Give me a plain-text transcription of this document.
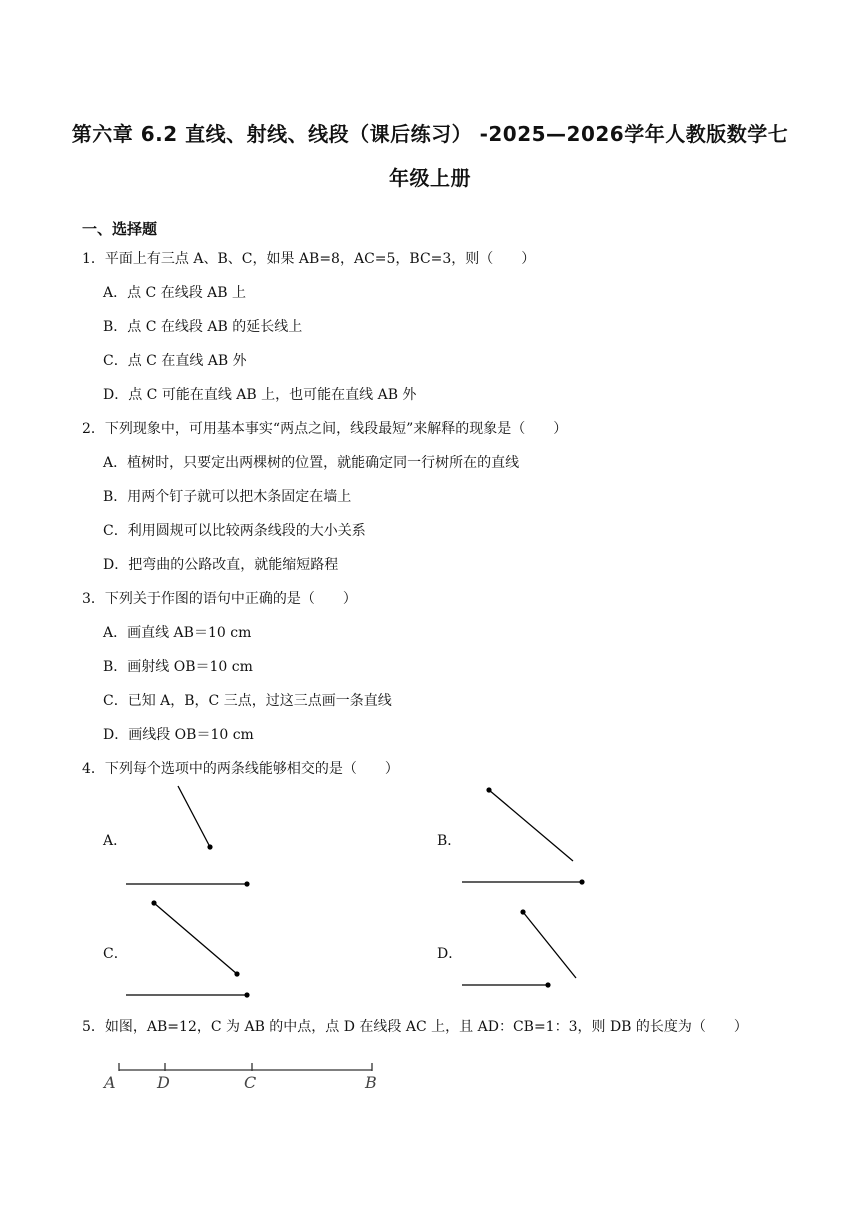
第六章 6.2 直线、射线、线段（课后练习） -2025—2026学年人教版数学七
年级上册
一、选择题
1．平面上有三点 A、B、C，如果 AB=8，AC=5，BC=3，则（　　）
A．点 C 在线段 AB 上
B．点 C 在线段 AB 的延长线上
C．点 C 在直线 AB 外
D．点 C 可能在直线 AB 上，也可能在直线 AB 外
2．下列现象中，可用基本事实“两点之间，线段最短”来解释的现象是（　　）
A．植树时，只要定出两棵树的位置，就能确定同一行树所在的直线
B．用两个钉子就可以把木条固定在墙上
C．利用圆规可以比较两条线段的大小关系
D．把弯曲的公路改直，就能缩短路程
3．下列关于作图的语句中正确的是（　　）
A．画直线 AB＝10 cm
B．画射线 OB＝10 cm
C．已知 A，B，C 三点，过这三点画一条直线
D．画线段 OB＝10 cm
4．下列每个选项中的两条线能够相交的是（　　）
A．	B．
C．	D．
5．如图，AB=12，C 为 AB 的中点，点 D 在线段 AC 上，且 AD：CB=1：3，则 DB 的长度为（　　）
A	D	C	B
